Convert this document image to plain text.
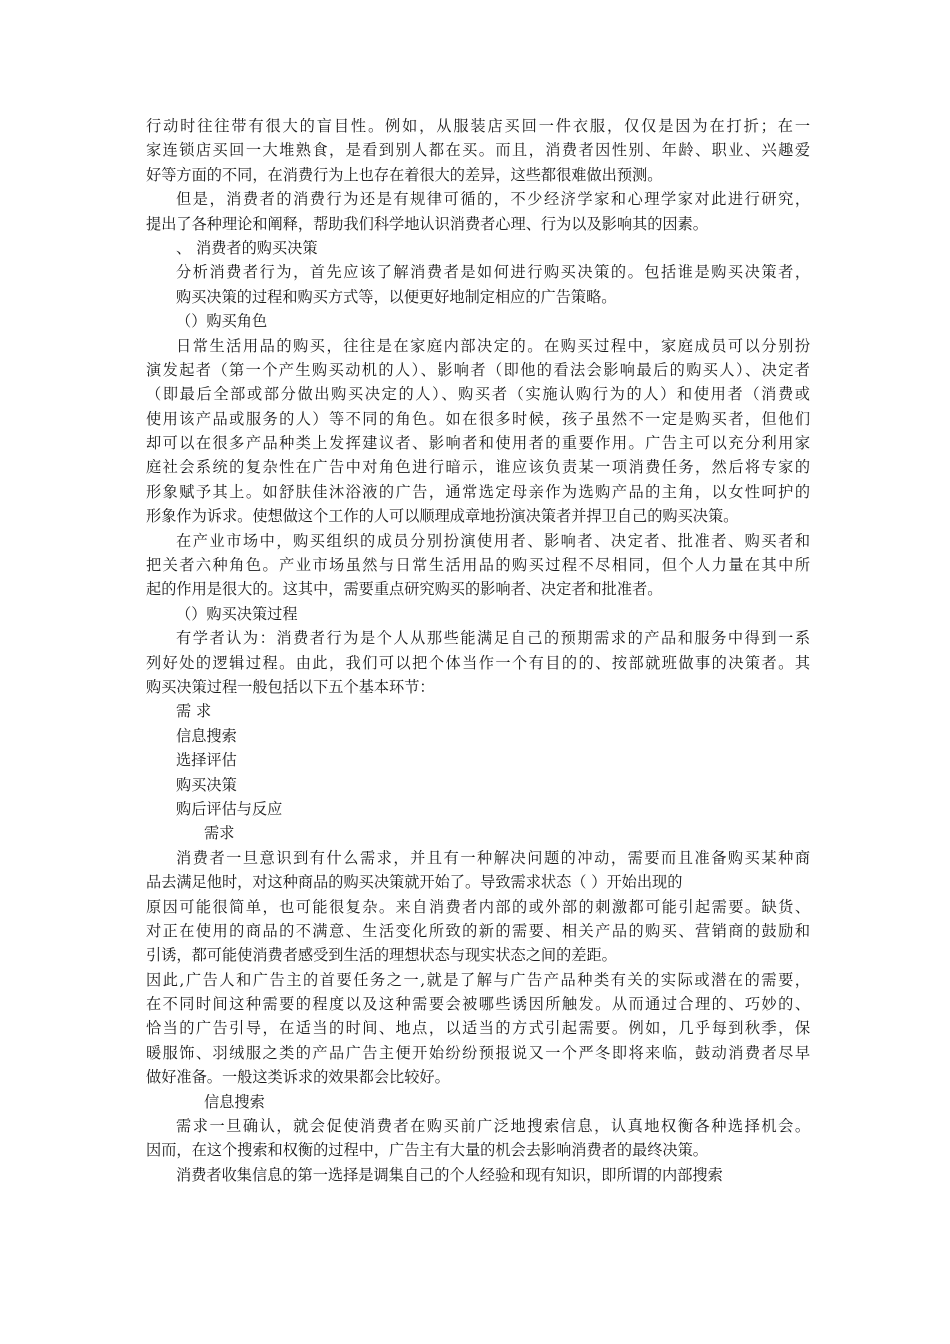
行动时往往带有很大的盲目性。例如，从服装店买回一件衣服，仅仅是因为在打折；在一
家连锁店买回一大堆熟食，是看到别人都在买。而且，消费者因性别、年龄、职业、兴趣爱
好等方面的不同，在消费行为上也存在着很大的差异，这些都很难做出预测。
但是，消费者的消费行为还是有规律可循的，不少经济学家和心理学家对此进行研究，
提出了各种理论和阐释，帮助我们科学地认识消费者心理、行为以及影响其的因素。
、 消费者的购买决策
分析消费者行为，首先应该了解消费者是如何进行购买决策的。包括谁是购买决策者，
购买决策的过程和购买方式等，以便更好地制定相应的广告策略。
（）购买角色
日常生活用品的购买，往往是在家庭内部决定的。在购买过程中，家庭成员可以分别扮
演发起者（第一个产生购买动机的人）、影响者（即他的看法会影响最后的购买人）、决定者
（即最后全部或部分做出购买决定的人）、购买者（实施认购行为的人）和使用者（消费或
使用该产品或服务的人）等不同的角色。如在很多时候，孩子虽然不一定是购买者，但他们
却可以在很多产品种类上发挥建议者、影响者和使用者的重要作用。广告主可以充分利用家
庭社会系统的复杂性在广告中对角色进行暗示，谁应该负责某一项消费任务，然后将专家的
形象赋予其上。如舒肤佳沐浴液的广告，通常选定母亲作为选购产品的主角，以女性呵护的
形象作为诉求。使想做这个工作的人可以顺理成章地扮演决策者并捍卫自己的购买决策。
在产业市场中，购买组织的成员分别扮演使用者、影响者、决定者、批准者、购买者和
把关者六种角色。产业市场虽然与日常生活用品的购买过程不尽相同，但个人力量在其中所
起的作用是很大的。这其中，需要重点研究购买的影响者、决定者和批准者。
（）购买决策过程
有学者认为：消费者行为是个人从那些能满足自己的预期需求的产品和服务中得到一系
列好处的逻辑过程。由此，我们可以把个体当作一个有目的的、按部就班做事的决策者。其
购买决策过程一般包括以下五个基本环节：
需 求
信息搜索
选择评估
购买决策
购后评估与反应
需求
消费者一旦意识到有什么需求，并且有一种解决问题的冲动，需要而且准备购买某种商
品去满足他时，对这种商品的购买决策就开始了。导致需求状态（ ）开始出现的
原因可能很简单，也可能很复杂。来自消费者内部的或外部的刺激都可能引起需要。缺货、
对正在使用的商品的不满意、生活变化所致的新的需要、相关产品的购买、营销商的鼓励和
引诱，都可能使消费者感受到生活的理想状态与现实状态之间的差距。
因此,广告人和广告主的首要任务之一,就是了解与广告产品种类有关的实际或潜在的需要，
在不同时间这种需要的程度以及这种需要会被哪些诱因所触发。从而通过合理的、巧妙的、
恰当的广告引导，在适当的时间、地点，以适当的方式引起需要。例如，几乎每到秋季，保
暖服饰、羽绒服之类的产品广告主便开始纷纷预报说又一个严冬即将来临，鼓动消费者尽早
做好准备。一般这类诉求的效果都会比较好。
信息搜索
需求一旦确认，就会促使消费者在购买前广泛地搜索信息，认真地权衡各种选择机会。
因而，在这个搜索和权衡的过程中，广告主有大量的机会去影响消费者的最终决策。
消费者收集信息的第一选择是调集自己的个人经验和现有知识，即所谓的内部搜索
